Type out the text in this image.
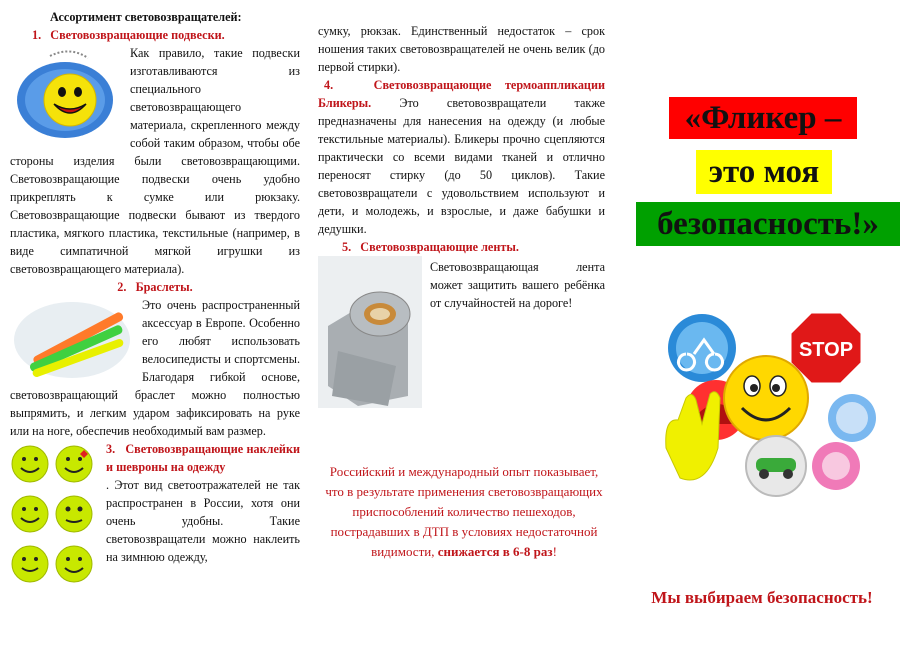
Ассортимент световозвращателей:
1.   Световозвращающие подвески.

Как правило, такие подвески изготавливаются из специального световозвращающего материала, скрепленного между собой таким образом, чтобы обе стороны изделия были световозвращающими. Световозвращающие подвески очень удобно прикреплять к сумке или рюкзаку. Световозвращающие подвески бывают из твердого пластика, мягкого пластика, текстильные (например, в виде симпатичной мягкой игрушки из световозвращающего материала).

2.   Браслеты.

Это очень распространенный аксессуар в Европе. Особенно его любят использовать велосипедисты и спортсмены. Благодаря гибкой основе, световозвращающий браслет можно полностью выпрямить, и легким ударом зафиксировать на руке или на ноге, обеспечив необходимый вам размер.

3.   Световозвращающие наклейки и шевроны на одежду
. Этот вид светоотражателей не так распространен в России, хотя они очень удобны. Такие световозвращатели можно наклеить на зимнюю одежду,

сумку, рюкзак. Единственный недостаток – срок ношения таких световозвращателей не очень велик (до первой стирки).

4.   Световозвращающие термоаппликации Бликеры. Это световозвращатели также предназначены для нанесения на одежду (и любые текстильные материалы). Бликеры прочно сцепляются практически со всеми видами тканей и отлично переносят стирку (до 50 циклов). Такие световозвращатели с удовольствием используют и дети, и молодежь, и взрослые, и даже бабушки и дедушки.

5.   Световозвращающие ленты.

Световозвращающая лента может защитить вашего ребёнка от случайностей на дороге!

Российский и международный опыт показывает, что в результате применения световозвращающих приспособлений количество пешеходов, пострадавших в ДТП в условиях недостаточной видимости, снижается в 6-8 раз!

«Фликер –
это моя
безопасность!»
STOP
Мы выбираем безопасность!
